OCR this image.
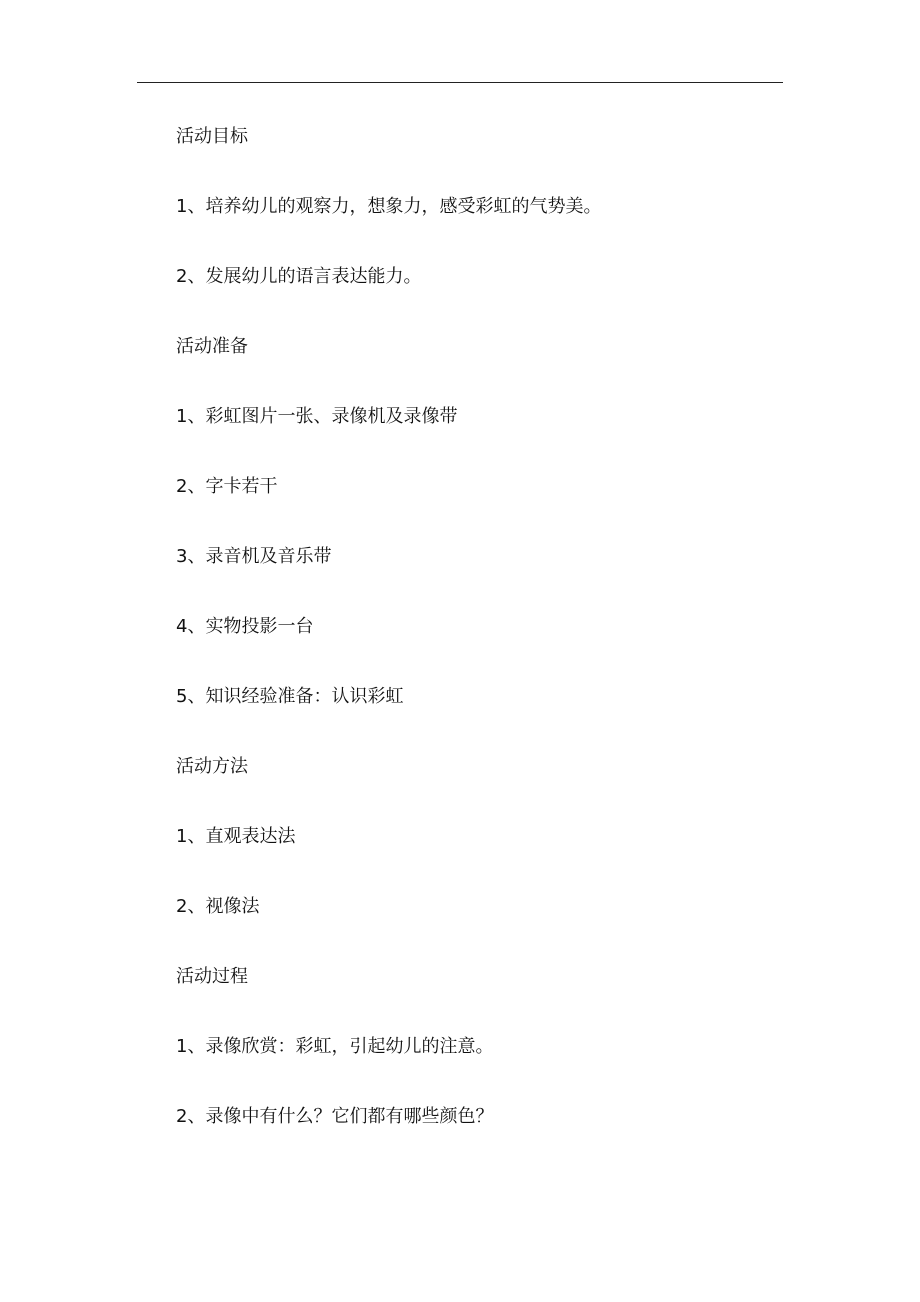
活动目标
1、培养幼儿的观察力，想象力，感受彩虹的气势美。
2、发展幼儿的语言表达能力。
活动准备
1、彩虹图片一张、录像机及录像带
2、字卡若干
3、录音机及音乐带
4、实物投影一台
5、知识经验准备：认识彩虹
活动方法
1、直观表达法
2、视像法
活动过程
1、录像欣赏：彩虹，引起幼儿的注意。
2、录像中有什么？它们都有哪些颜色？
